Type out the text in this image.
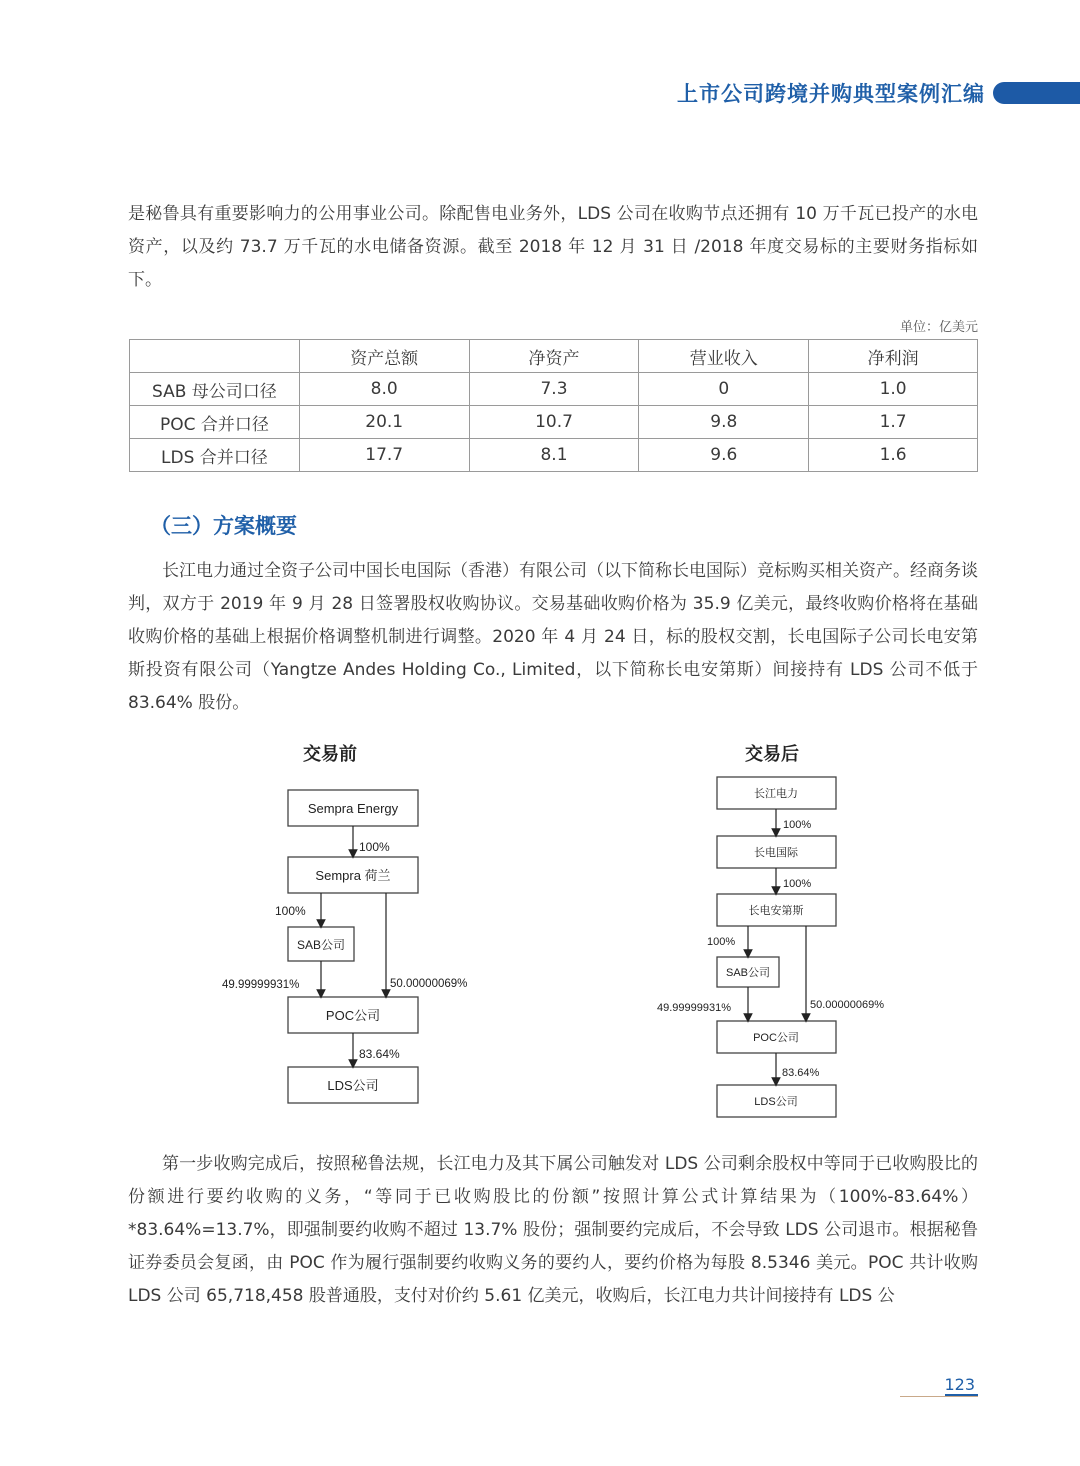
上市公司跨境并购典型案例汇编

是秘鲁具有重要影响力的公用事业公司。除配售电业务外，LDS 公司在收购节点还拥有 10 万千瓦已投产的水电资产，以及约 73.7 万千瓦的水电储备资源。截至 2018 年 12 月 31 日 /2018 年度交易标的主要财务指标如下。

单位：亿美元
	资产总额	净资产	营业收入	净利润
SAB 母公司口径	8.0	7.3	0	1.0
POC 合并口径	20.1	10.7	9.8	1.7
LDS 合并口径	17.7	8.1	9.6	1.6
（三）方案概要

长江电力通过全资子公司中国长电国际（香港）有限公司（以下简称长电国际）竞标购买相关资产。经商务谈判，双方于 2019 年 9 月 28 日签署股权收购协议。交易基础收购价格为 35.9 亿美元，最终收购价格将在基础收购价格的基础上根据价格调整机制进行调整。2020 年 4 月 24 日，标的股权交割，长电国际子公司长电安第斯投资有限公司（Yangtze Andes Holding Co., Limited，以下简称长电安第斯）间接持有 LDS 公司不低于 83.64% 股份。

交易前
Sempra Energy
Sempra 荷兰
SAB公司
POC公司
LDS公司
100%
100%
49.99999931%	50.00000069%
83.64%
交易后
长江电力
长电国际
长电安第斯
SAB公司
POC公司
LDS公司
100%
100%
100%
49.99999931%	50.00000069%
83.64%

第一步收购完成后，按照秘鲁法规，长江电力及其下属公司触发对 LDS 公司剩余股权中等同于已收购股比的份额进行要约收购的义务，“等同于已收购股比的份额”按照计算公式计算结果为（100%-83.64%）*83.64%=13.7%，即强制要约收购不超过 13.7% 股份；强制要约完成后，不会导致 LDS 公司退市。根据秘鲁证券委员会复函，由 POC 作为履行强制要约收购义务的要约人，要约价格为每股 8.5346 美元。POC 共计收购 LDS 公司 65,718,458 股普通股，支付对价约 5.61 亿美元，收购后，长江电力共计间接持有 LDS 公

123
